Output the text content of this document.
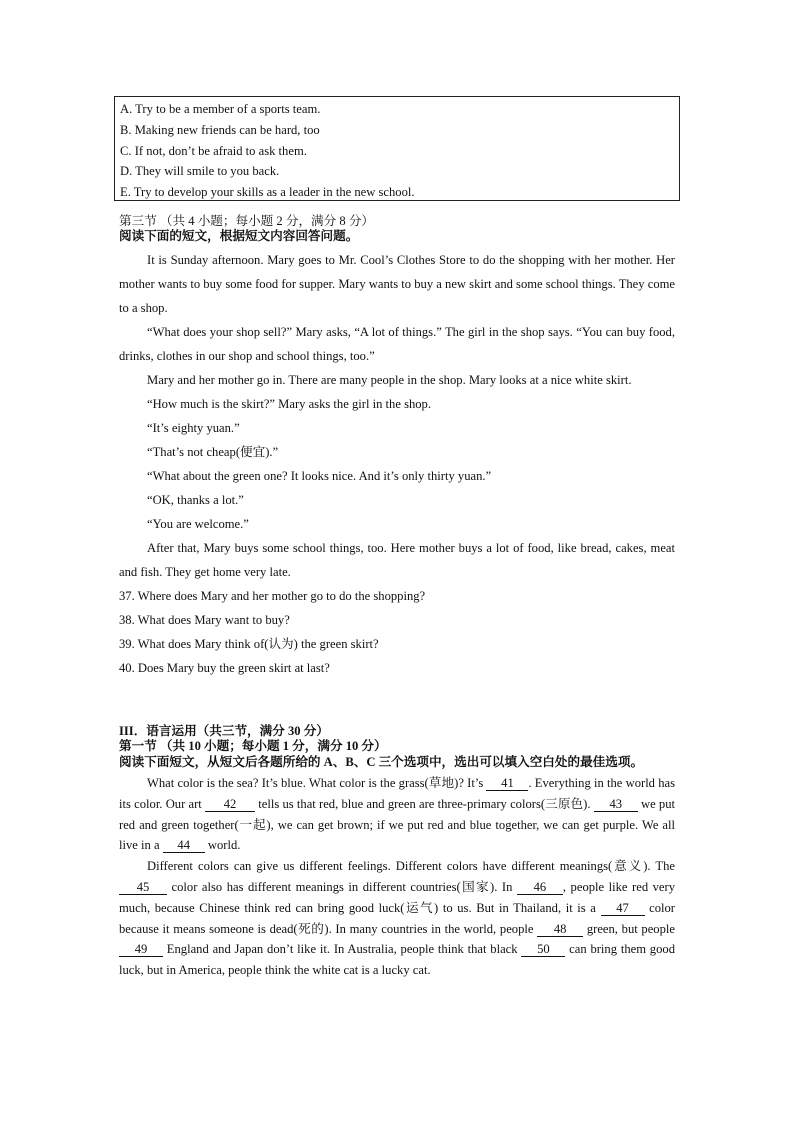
A. Try to be a member of a sports team.
B. Making new friends can be hard, too
C. If not, don’t be afraid to ask them.
D. They will smile to you back.
E. Try to develop your skills as a leader in the new school.
第三节 （共 4 小题；每小题 2 分，满分 8 分）
阅读下面的短文，根据短文内容回答问题。
It is Sunday afternoon. Mary goes to Mr. Cool’s Clothes Store to do the shopping with her mother. Her mother wants to buy some food for supper. Mary wants to buy a new skirt and some school things. They come to a shop.
“What does your shop sell?” Mary asks, “A lot of things.” The girl in the shop says. “You can buy food, drinks, clothes in our shop and school things, too.”
Mary and her mother go in. There are many people in the shop. Mary looks at a nice white skirt.
“How much is the skirt?” Mary asks the girl in the shop.
“It’s eighty yuan.”
“That’s not cheap(便宜).”
“What about the green one? It looks nice. And it’s only thirty yuan.”
“OK, thanks a lot.”
“You are welcome.”
After that, Mary buys some school things, too. Here mother buys a lot of food, like bread, cakes, meat and fish. They get home very late.
37. Where does Mary and her mother go to do the shopping?
38. What does Mary want to buy?
39. What does Mary think of(认为) the green skirt?
40. Does Mary buy the green skirt at last?
III．语言运用（共三节，满分 30 分）
第一节 （共 10 小题；每小题 1 分，满分 10 分）
阅读下面短文，从短文后各题所给的 A、B、C 三个选项中，选出可以填入空白处的最佳选项。
What color is the sea? It’s blue. What color is the grass(草地)? It’s 41 . Everything in the world has its color. Our art 42 tells us that red, blue and green are three-primary colors(三原色). 43 we put red and green together(一起), we can get brown; if we put red and blue together, we can get purple. We all live in a 44 world.
Different colors can give us different feelings. Different colors have different meanings(意义). The 45 color also has different meanings in different countries(国家). In 46 , people like red very much, because Chinese think red can bring good luck(运气) to us. But in Thailand, it is a 47 color because it means someone is dead(死的). In many countries in the world, people 48 green, but people 49 England and Japan don’t like it. In Australia, people think that black 50 can bring them good luck, but in America, people think the white cat is a lucky cat.
